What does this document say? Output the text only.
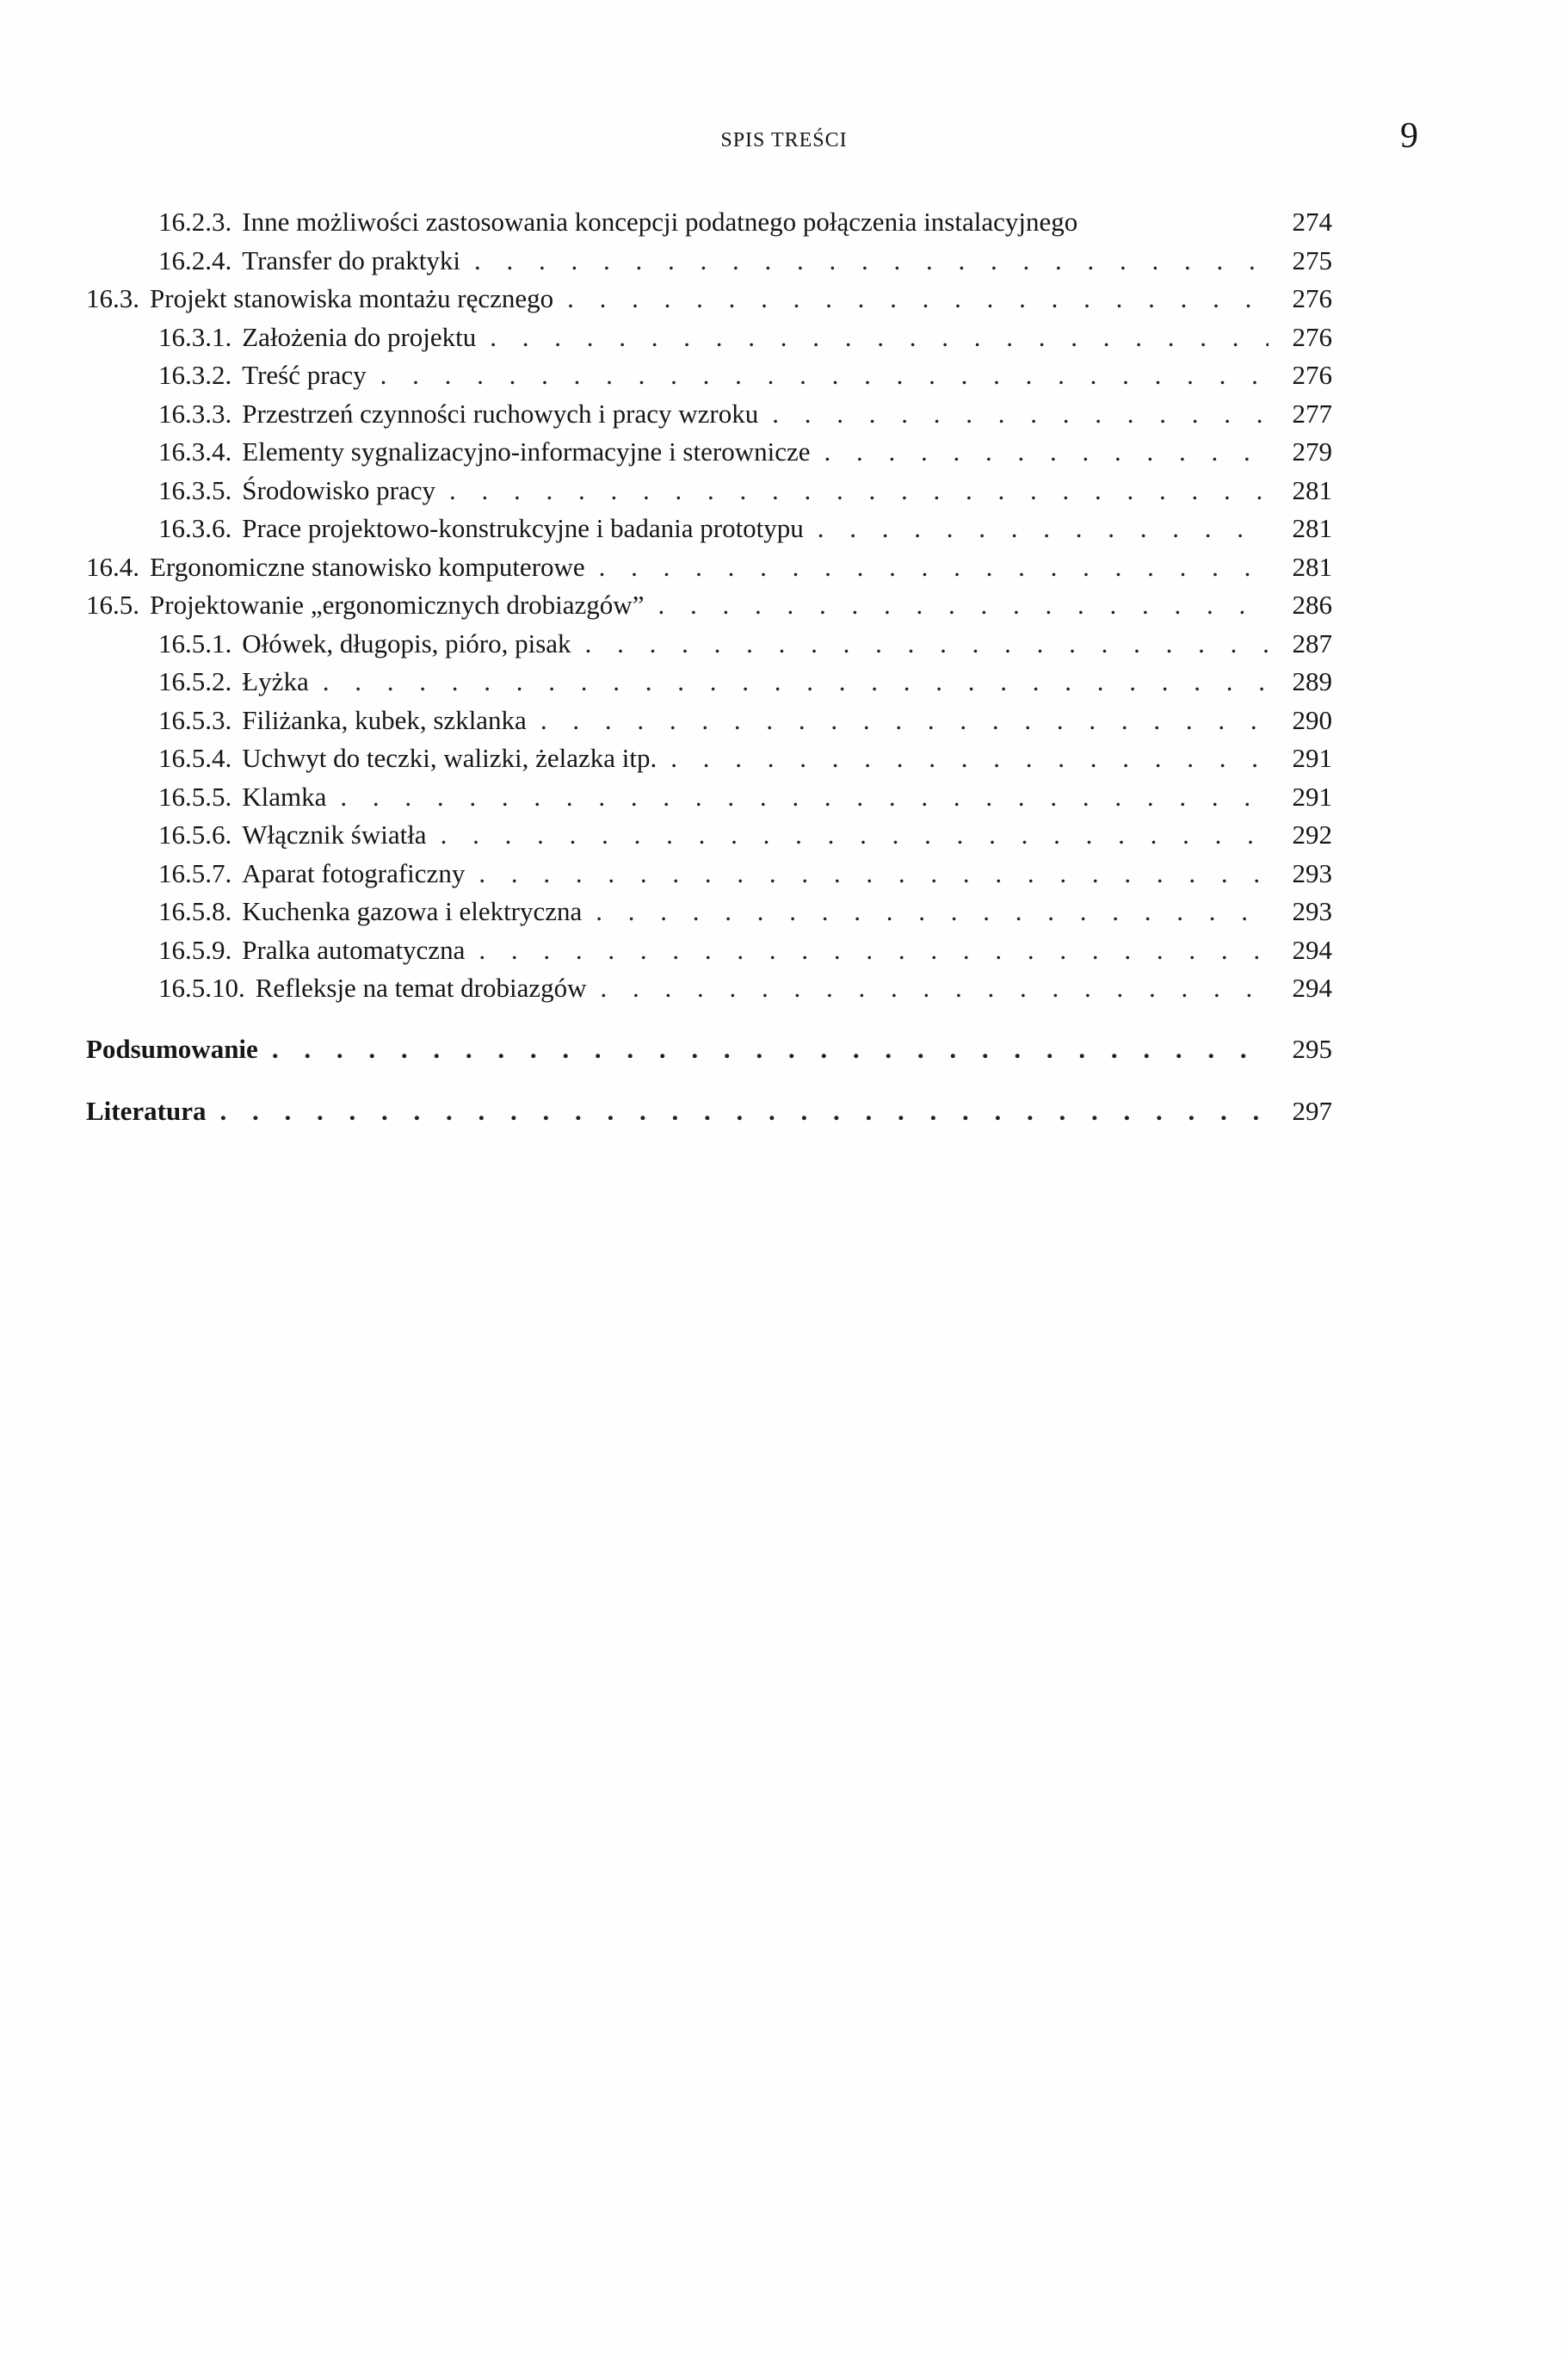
SPIS TREŚCI	9
16.2.3. Inne możliwości zastosowania koncepcji podatnego połączenia instalacyjnego	274
16.2.4. Transfer do praktyki . . .	275
16.3. Projekt stanowiska montażu ręcznego . . .	276
16.3.1. Założenia do projektu . . .	276
16.3.2. Treść pracy . . .	276
16.3.3. Przestrzeń czynności ruchowych i pracy wzroku . . .	277
16.3.4. Elementy sygnalizacyjno-informacyjne i sterownicze . . .	279
16.3.5. Środowisko pracy . . .	281
16.3.6. Prace projektowo-konstrukcyjne i badania prototypu . . .	281
16.4. Ergonomiczne stanowisko komputerowe . . .	281
16.5. Projektowanie „ergonomicznych drobiazgów” . . .	286
16.5.1. Ołówek, długopis, pióro, pisak . . .	287
16.5.2. Łyżka . . .	289
16.5.3. Filiżanka, kubek, szklanka . . .	290
16.5.4. Uchwyt do teczki, walizki, żelazka itp. . . .	291
16.5.5. Klamka . . .	291
16.5.6. Włącznik światła . . .	292
16.5.7. Aparat fotograficzny . . .	293
16.5.8. Kuchenka gazowa i elektryczna . . .	293
16.5.9. Pralka automatyczna . . .	294
16.5.10. Refleksje na temat drobiazgów . . .	294
Podsumowanie . . .	295
Literatura . . .	297
